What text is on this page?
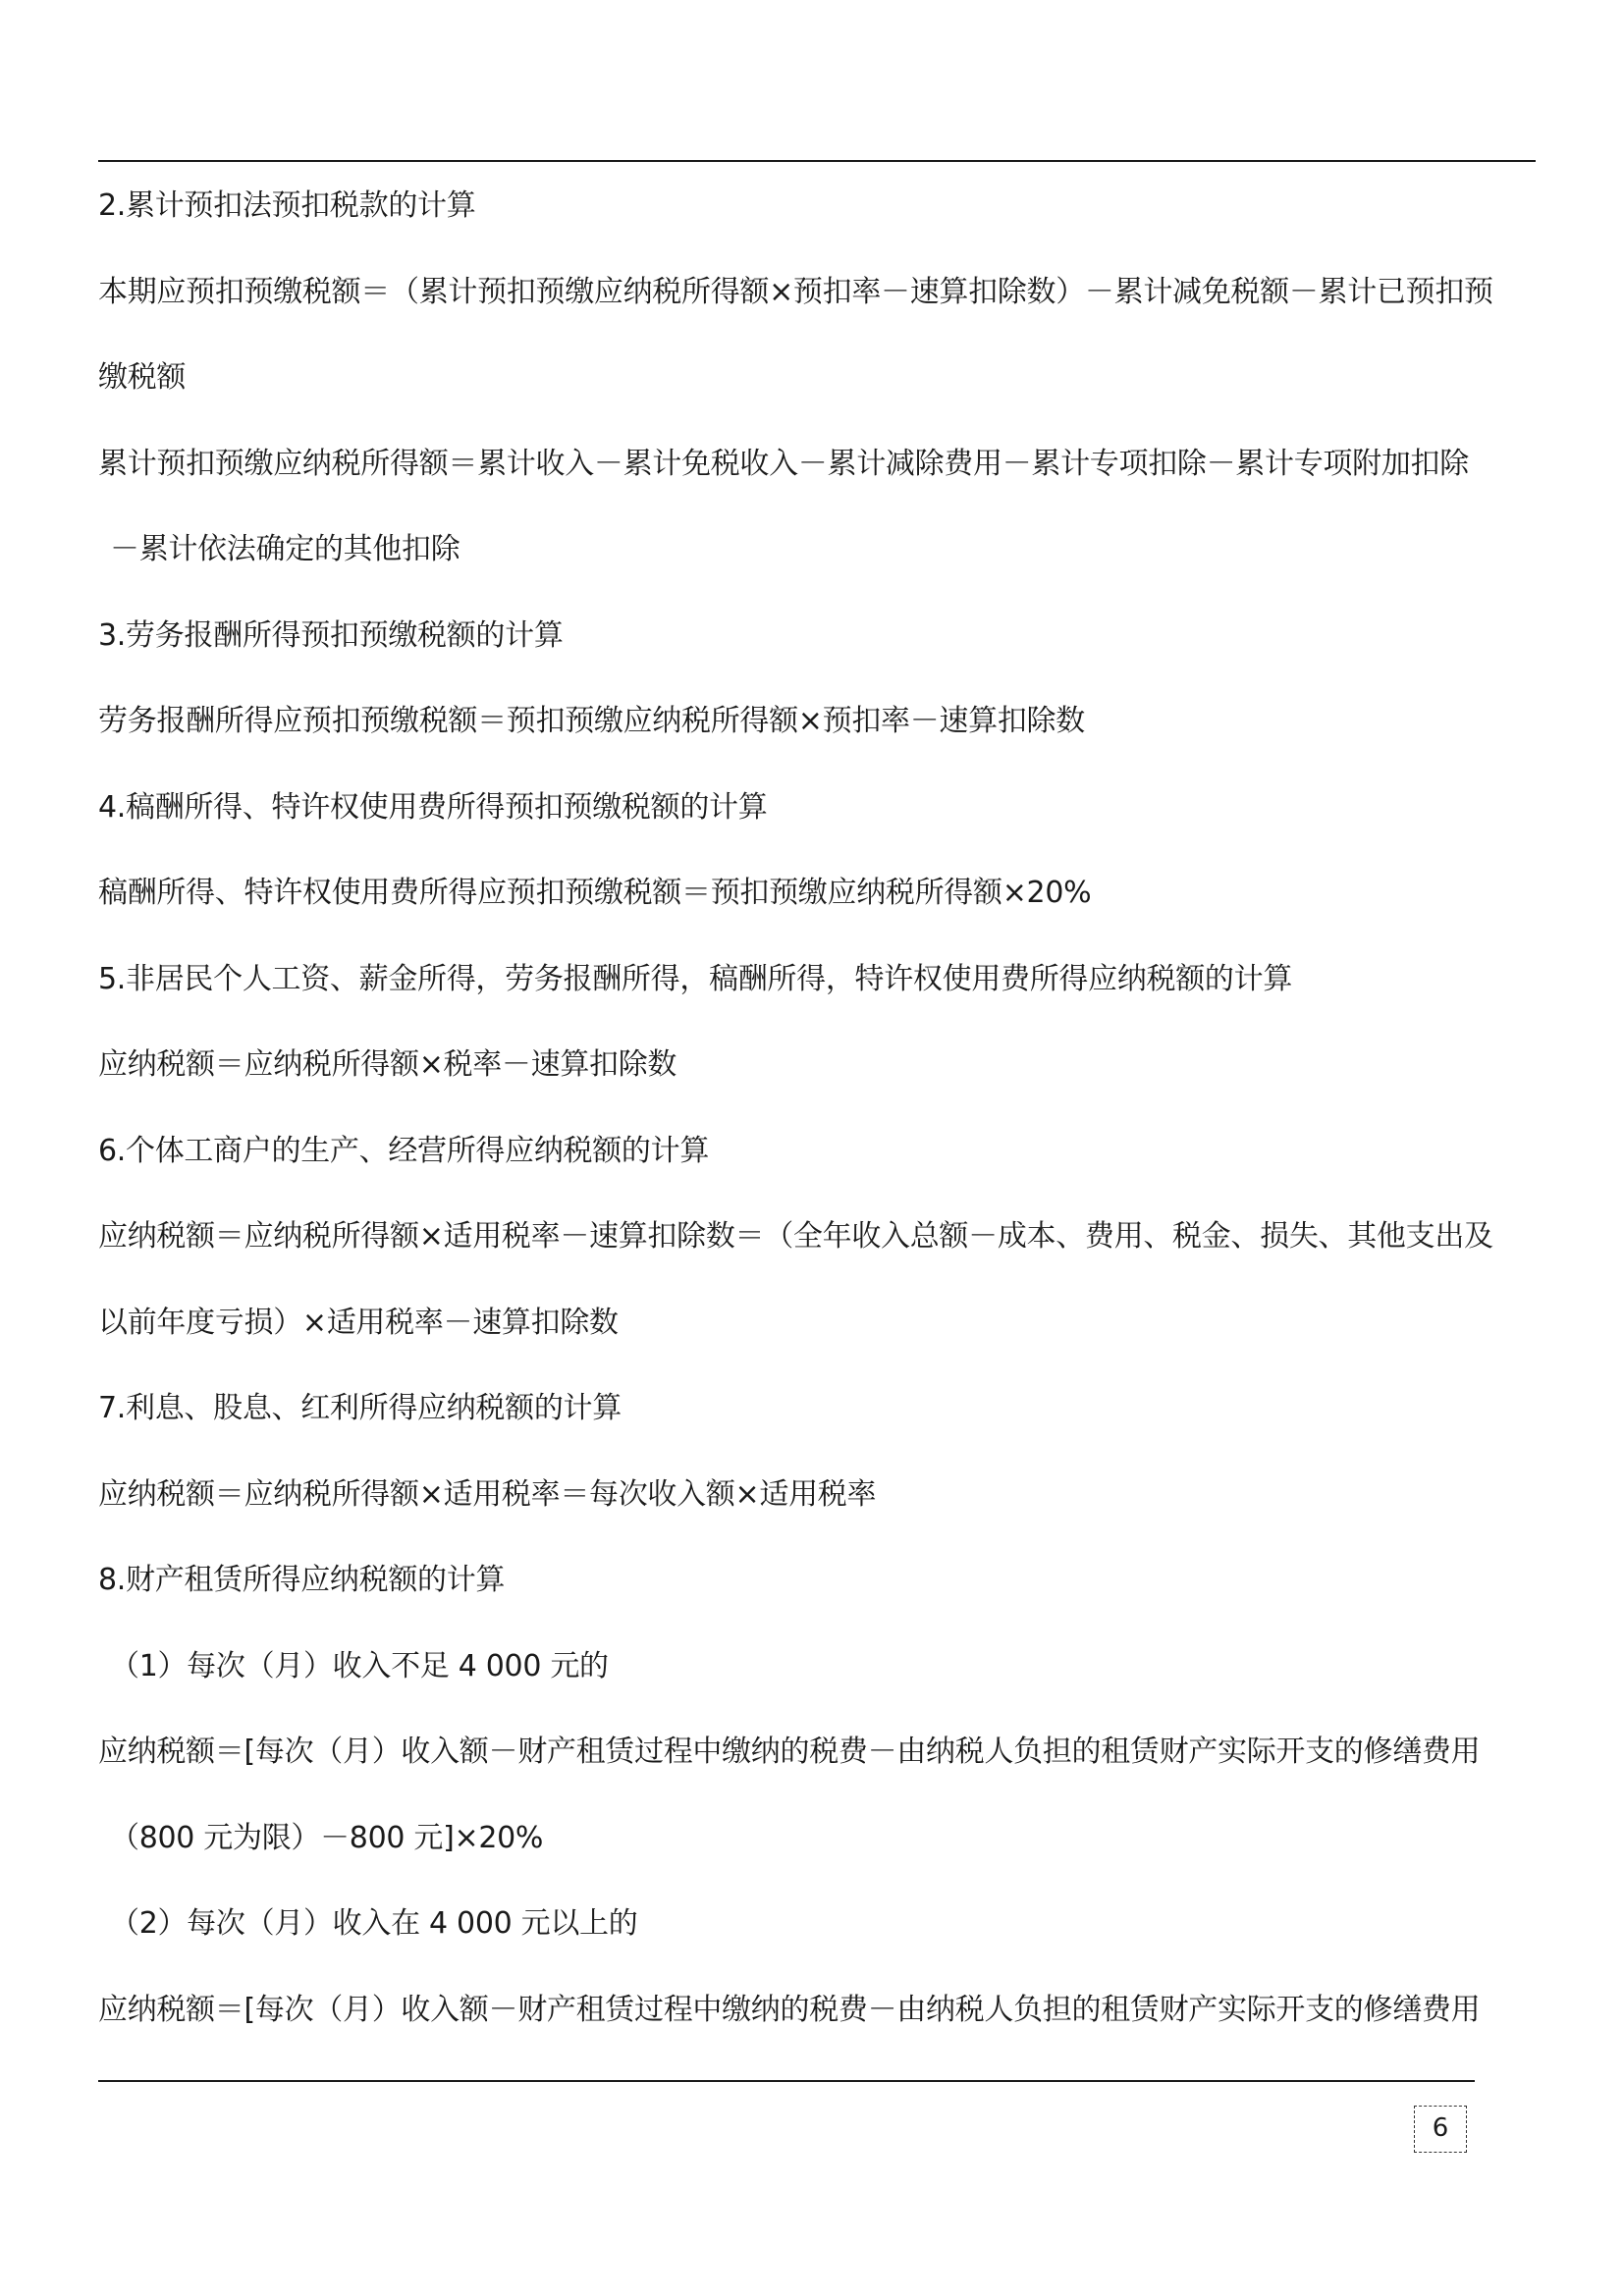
2.累计预扣法预扣税款的计算
本期应预扣预缴税额＝（累计预扣预缴应纳税所得额×预扣率－速算扣除数）－累计减免税额－累计已预扣预
缴税额
累计预扣预缴应纳税所得额＝累计收入－累计免税收入－累计减除费用－累计专项扣除－累计专项附加扣除
－累计依法确定的其他扣除
3.劳务报酬所得预扣预缴税额的计算
劳务报酬所得应预扣预缴税额＝预扣预缴应纳税所得额×预扣率－速算扣除数
4.稿酬所得、特许权使用费所得预扣预缴税额的计算
稿酬所得、特许权使用费所得应预扣预缴税额＝预扣预缴应纳税所得额×20%
5.非居民个人工资、薪金所得，劳务报酬所得，稿酬所得，特许权使用费所得应纳税额的计算
应纳税额＝应纳税所得额×税率－速算扣除数
6.个体工商户的生产、经营所得应纳税额的计算
应纳税额＝应纳税所得额×适用税率－速算扣除数＝（全年收入总额－成本、费用、税金、损失、其他支出及
以前年度亏损）×适用税率－速算扣除数
7.利息、股息、红利所得应纳税额的计算
应纳税额＝应纳税所得额×适用税率＝每次收入额×适用税率
8.财产租赁所得应纳税额的计算
（1）每次（月）收入不足 4 000 元的
应纳税额＝[每次（月）收入额－财产租赁过程中缴纳的税费－由纳税人负担的租赁财产实际开支的修缮费用
（800 元为限）－800 元]×20%
（2）每次（月）收入在 4 000 元以上的
应纳税额＝[每次（月）收入额－财产租赁过程中缴纳的税费－由纳税人负担的租赁财产实际开支的修缮费用
6
